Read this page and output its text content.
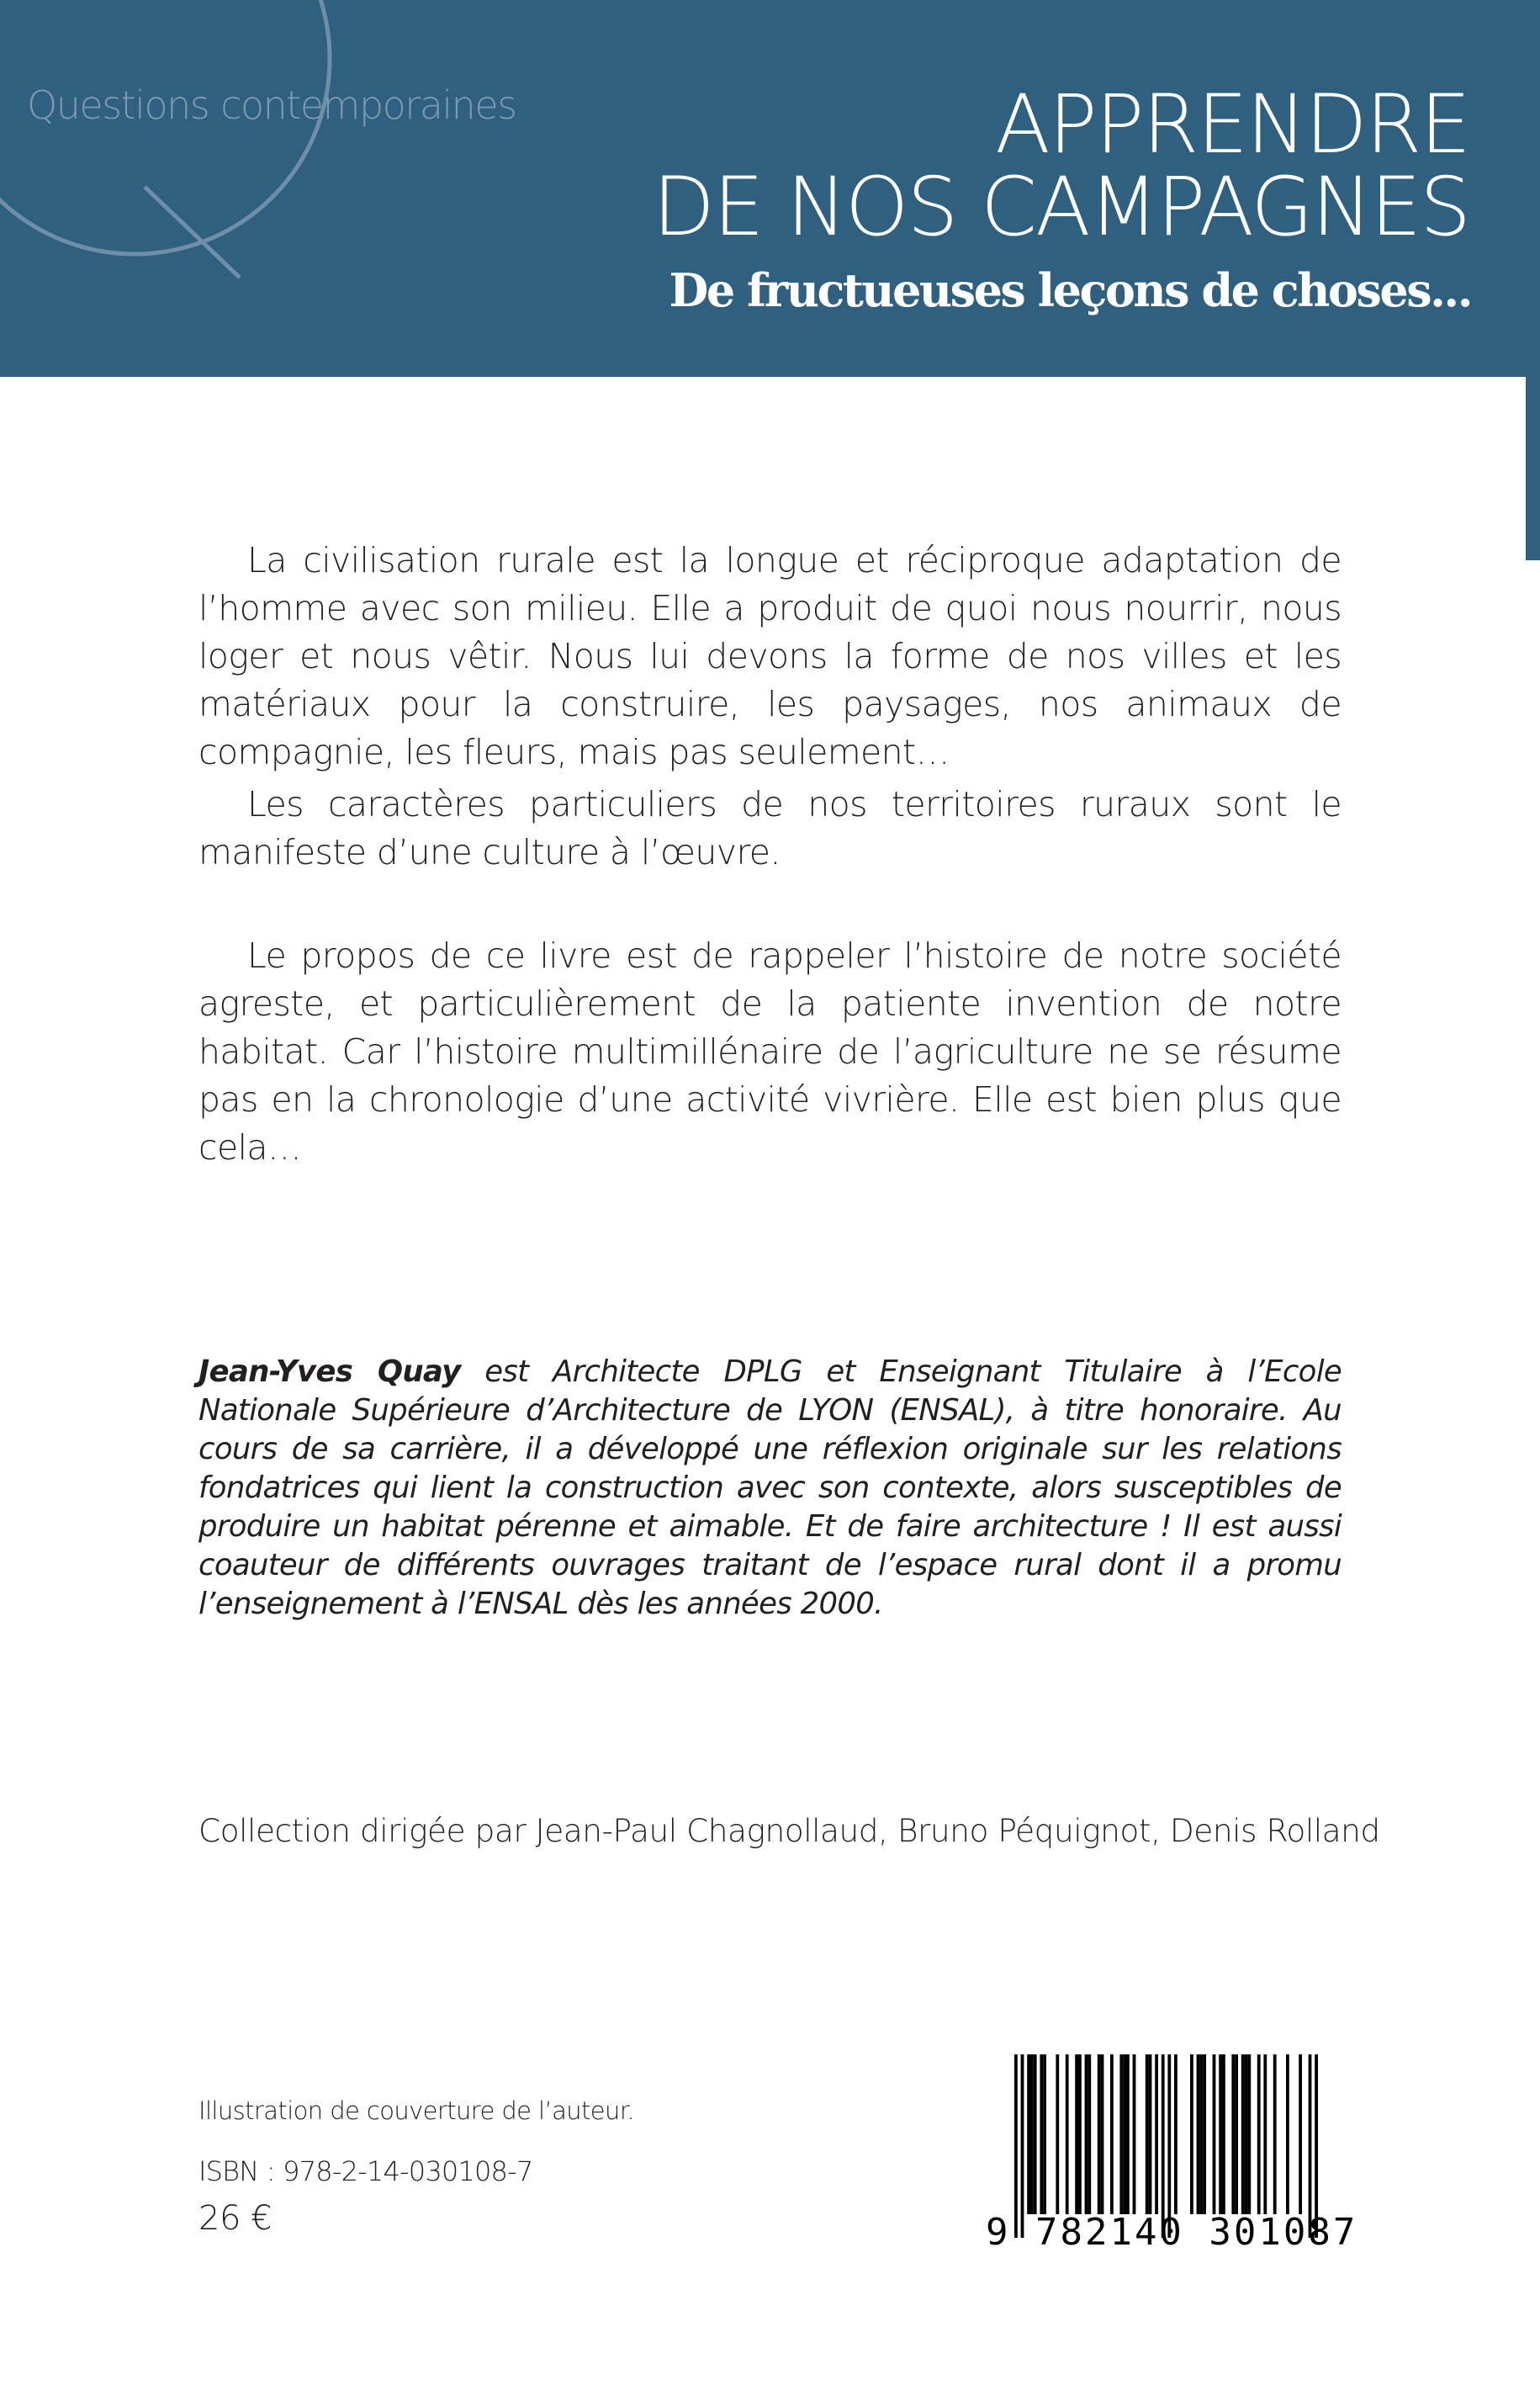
Questions contemporaines	APPRENDRE
DE NOS CAMPAGNES
De fructueuses leçons de choses...

La civilisation rurale est la longue et réciproque adaptation de l’homme avec son milieu. Elle a produit de quoi nous nourrir, nous loger et nous vêtir. Nous lui devons la forme de nos villes et les matériaux pour la construire, les paysages, nos animaux de compagnie, les fleurs, mais pas seulement…

Les caractères particuliers de nos territoires ruraux sont le manifeste d’une culture à l’œuvre.

Le propos de ce livre est de rappeler l’histoire de notre société agreste, et particulièrement de la patiente invention de notre habitat. Car l’histoire multimillénaire de l’agriculture ne se résume pas en la chronologie d’une activité vivrière. Elle est bien plus que cela…

Jean-Yves Quay est Architecte DPLG et Enseignant Titulaire à l’Ecole Nationale Supérieure d’Architecture de LYON (ENSAL), à titre honoraire. Au cours de sa carrière, il a développé une réflexion originale sur les relations fondatrices qui lient la construction avec son contexte, alors susceptibles de produire un habitat pérenne et aimable. Et de faire architecture ! Il est aussi coauteur de différents ouvrages traitant de l’espace rural dont il a promu l’enseignement à l’ENSAL dès les années 2000.

Collection dirigée par Jean-Paul Chagnollaud, Bruno Péquignot, Denis Rolland
Illustration de couverture de l’auteur.
ISBN : 978-2-14-030108-7
26 €	9 782140 301087
